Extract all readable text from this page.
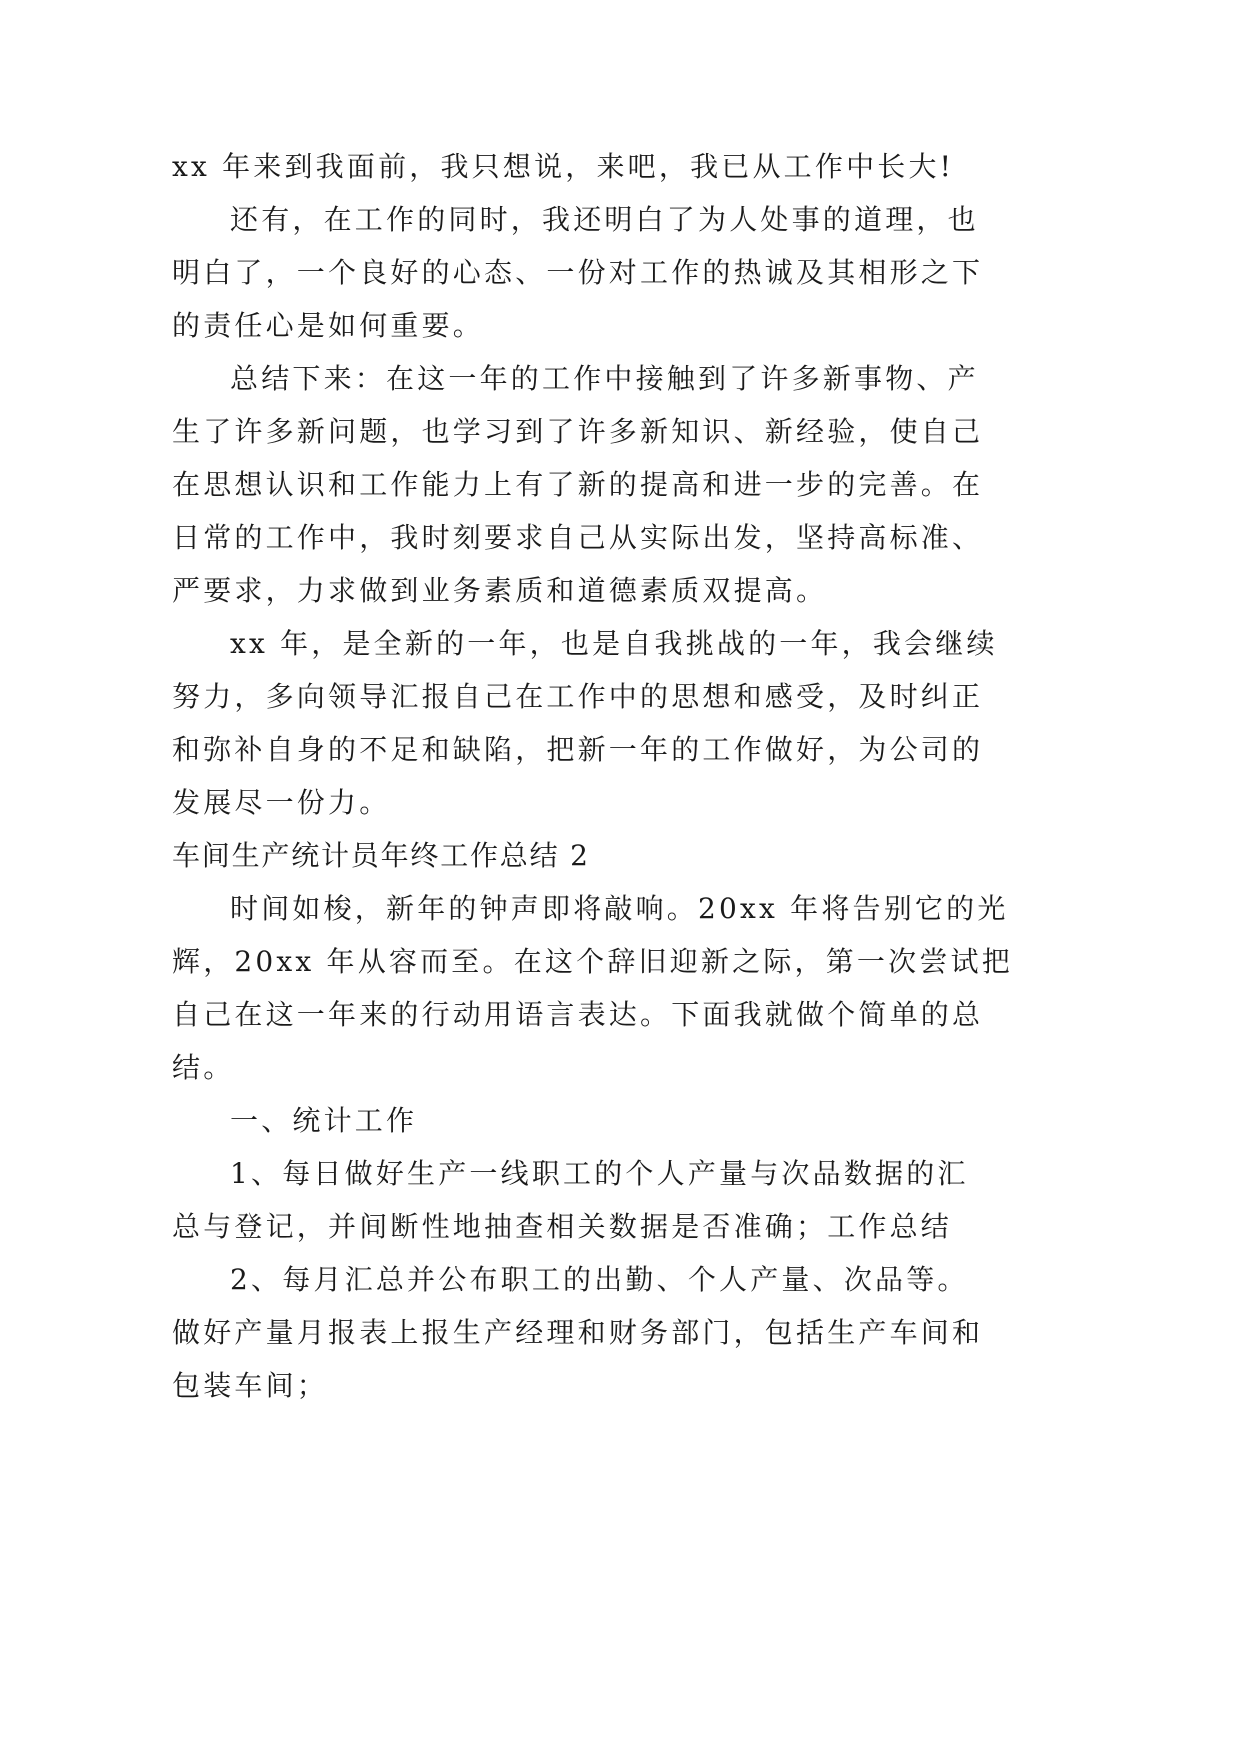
xx 年来到我面前，我只想说，来吧，我已从工作中长大!
还有，在工作的同时，我还明白了为人处事的道理，也
明白了，一个良好的心态、一份对工作的热诚及其相形之下
的责任心是如何重要。
总结下来：在这一年的工作中接触到了许多新事物、产
生了许多新问题，也学习到了许多新知识、新经验，使自己
在思想认识和工作能力上有了新的提高和进一步的完善。在
日常的工作中，我时刻要求自己从实际出发，坚持高标准、
严要求，力求做到业务素质和道德素质双提高。
xx 年，是全新的一年，也是自我挑战的一年，我会继续
努力，多向领导汇报自己在工作中的思想和感受，及时纠正
和弥补自身的不足和缺陷，把新一年的工作做好，为公司的
发展尽一份力。
车间生产统计员年终工作总结 2
时间如梭，新年的钟声即将敲响。20xx 年将告别它的光
辉，20xx 年从容而至。在这个辞旧迎新之际，第一次尝试把
自己在这一年来的行动用语言表达。下面我就做个简单的总
结。
一、统计工作
1、每日做好生产一线职工的个人产量与次品数据的汇
总与登记，并间断性地抽查相关数据是否准确；工作总结
2、每月汇总并公布职工的出勤、个人产量、次品等。
做好产量月报表上报生产经理和财务部门，包括生产车间和
包装车间；
